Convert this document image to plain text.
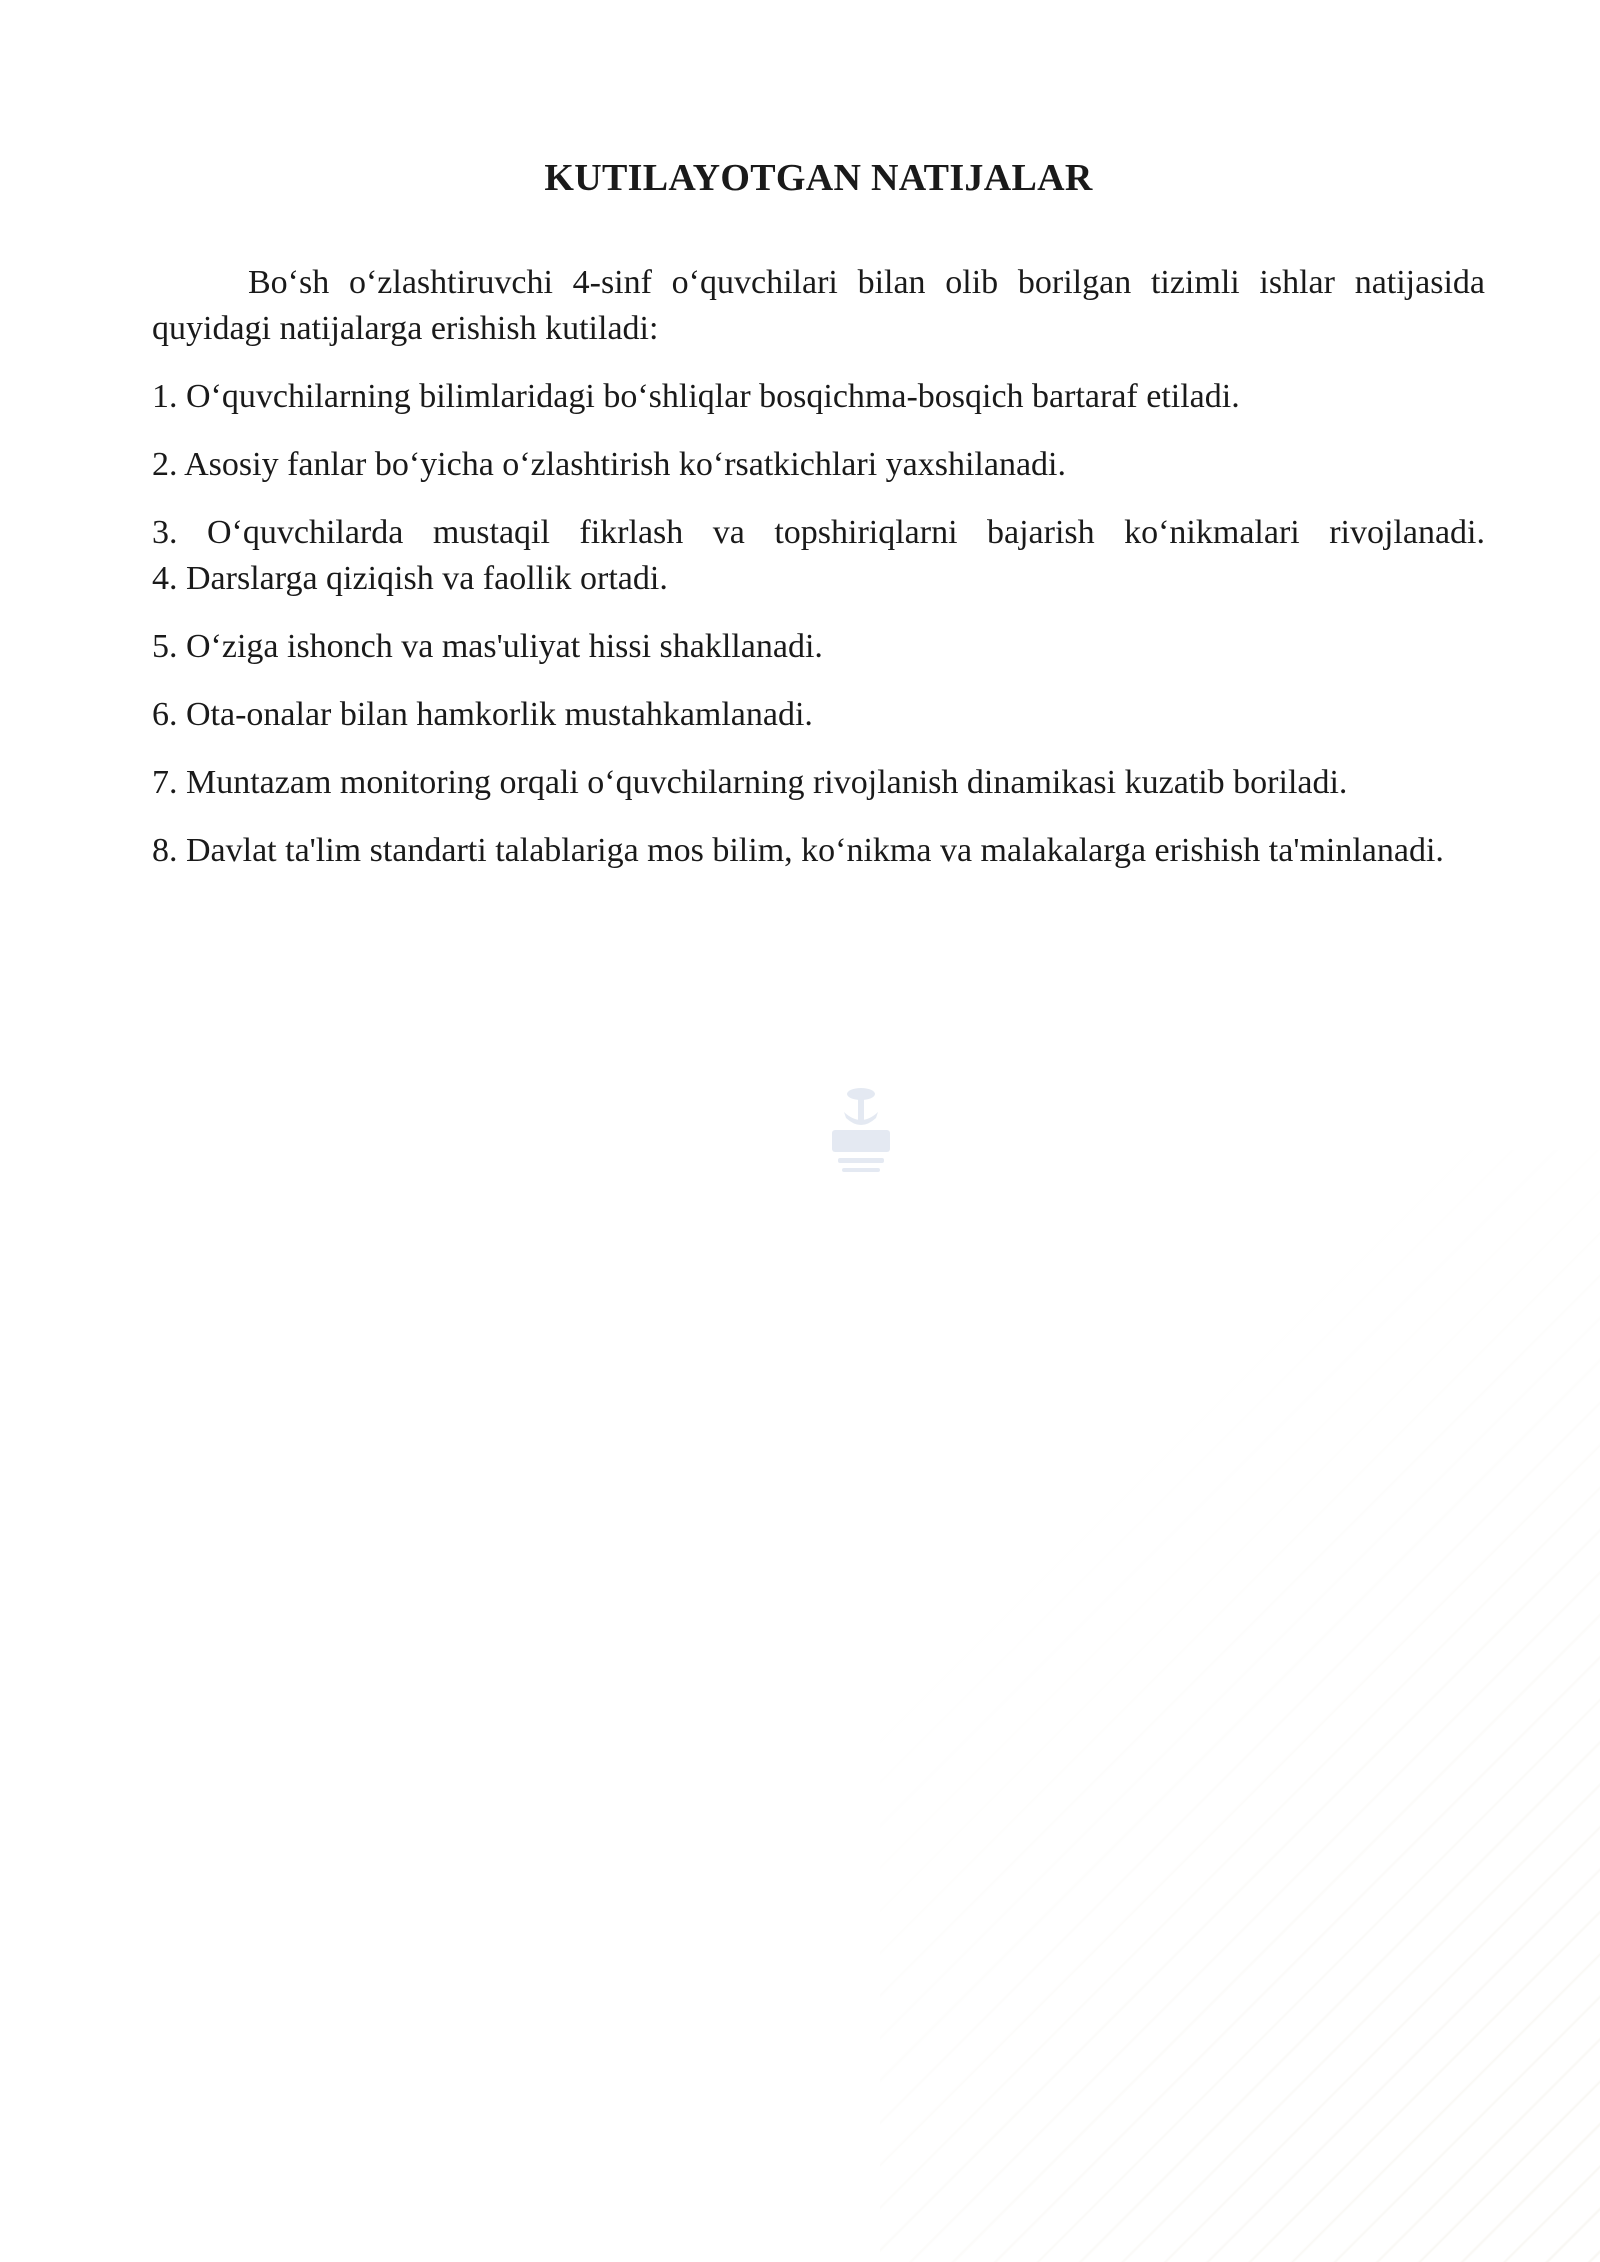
KUTILAYOTGAN NATIJALAR

Bo‘sh o‘zlashtiruvchi 4-sinf o‘quvchilari bilan olib borilgan tizimli ishlar natijasida quyidagi natijalarga erishish kutiladi:

1. O‘quvchilarning bilimlaridagi bo‘shliqlar bosqichma-bosqich bartaraf etiladi.

2. Asosiy fanlar bo‘yicha o‘zlashtirish ko‘rsatkichlari yaxshilanadi.

3. O‘quvchilarda mustaqil fikrlash va topshiriqlarni bajarish ko‘nikmalari rivojlanadi.

4. Darslarga qiziqish va faollik ortadi.

5. O‘ziga ishonch va mas'uliyat hissi shakllanadi.

6. Ota-onalar bilan hamkorlik mustahkamlanadi.

7. Muntazam monitoring orqali o‘quvchilarning rivojlanish dinamikasi kuzatib boriladi.

8. Davlat ta'lim standarti talablariga mos bilim, ko‘nikma va malakalarga erishish ta'minlanadi.
